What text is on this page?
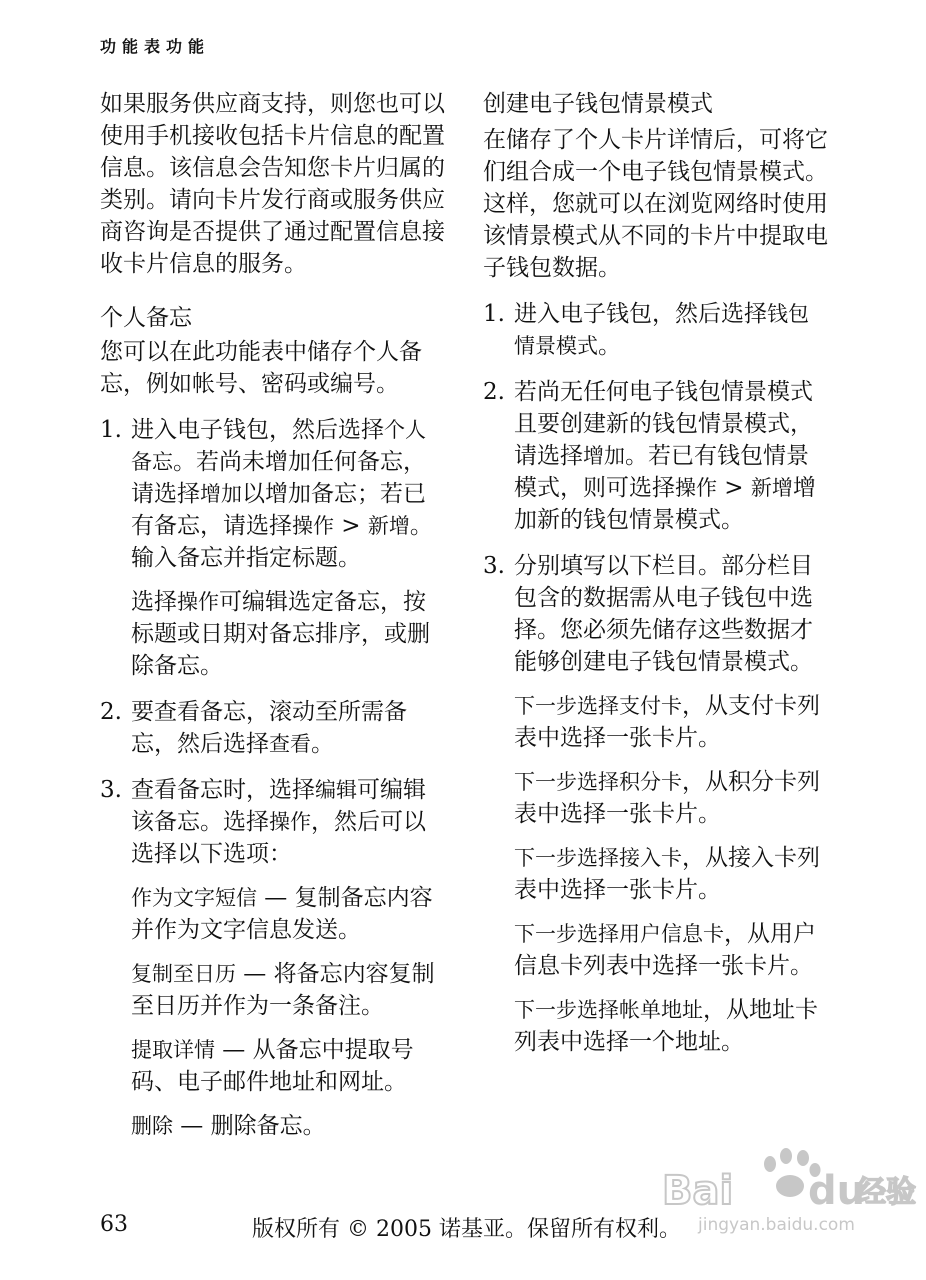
功能表功能

如果服务供应商支持，则您也可以使用手机接收包括卡片信息的配置信息。该信息会告知您卡片归属的类别。请向卡片发行商或服务供应商咨询是否提供了通过配置信息接收卡片信息的服务。

个人备忘

您可以在此功能表中储存个人备忘，例如帐号、密码或编号。

1. 进入电子钱包，然后选择个人备忘。若尚未增加任何备忘，请选择增加以增加备忘；若已有备忘，请选择操作 > 新增。输入备忘并指定标题。
选择操作可编辑选定备忘，按标题或日期对备忘排序，或删除备忘。
2. 要查看备忘，滚动至所需备忘，然后选择查看。
3. 查看备忘时，选择编辑可编辑该备忘。选择操作，然后可以选择以下选项：
作为文字短信 — 复制备忘内容并作为文字信息发送。
复制至日历 — 将备忘内容复制至日历并作为一条备注。
提取详情 — 从备忘中提取号码、电子邮件地址和网址。
删除 — 删除备忘。
创建电子钱包情景模式

在储存了个人卡片详情后，可将它们组合成一个电子钱包情景模式。这样，您就可以在浏览网络时使用该情景模式从不同的卡片中提取电子钱包数据。

1. 进入电子钱包，然后选择钱包情景模式。
2. 若尚无任何电子钱包情景模式且要创建新的钱包情景模式，请选择增加。若已有钱包情景模式，则可选择操作 > 新增增加新的钱包情景模式。
3. 分别填写以下栏目。部分栏目包含的数据需从电子钱包中选择。您必须先储存这些数据才能够创建电子钱包情景模式。
下一步选择支付卡，从支付卡列表中选择一张卡片。
下一步选择积分卡，从积分卡列表中选择一张卡片。
下一步选择接入卡，从接入卡列表中选择一张卡片。
下一步选择用户信息卡，从用户信息卡列表中选择一张卡片。
下一步选择帐单地址，从地址卡列表中选择一个地址。
63	版权所有 © 2005 诺基亚。保留所有权利。
Bai du
经验
jingyan.baidu.com
